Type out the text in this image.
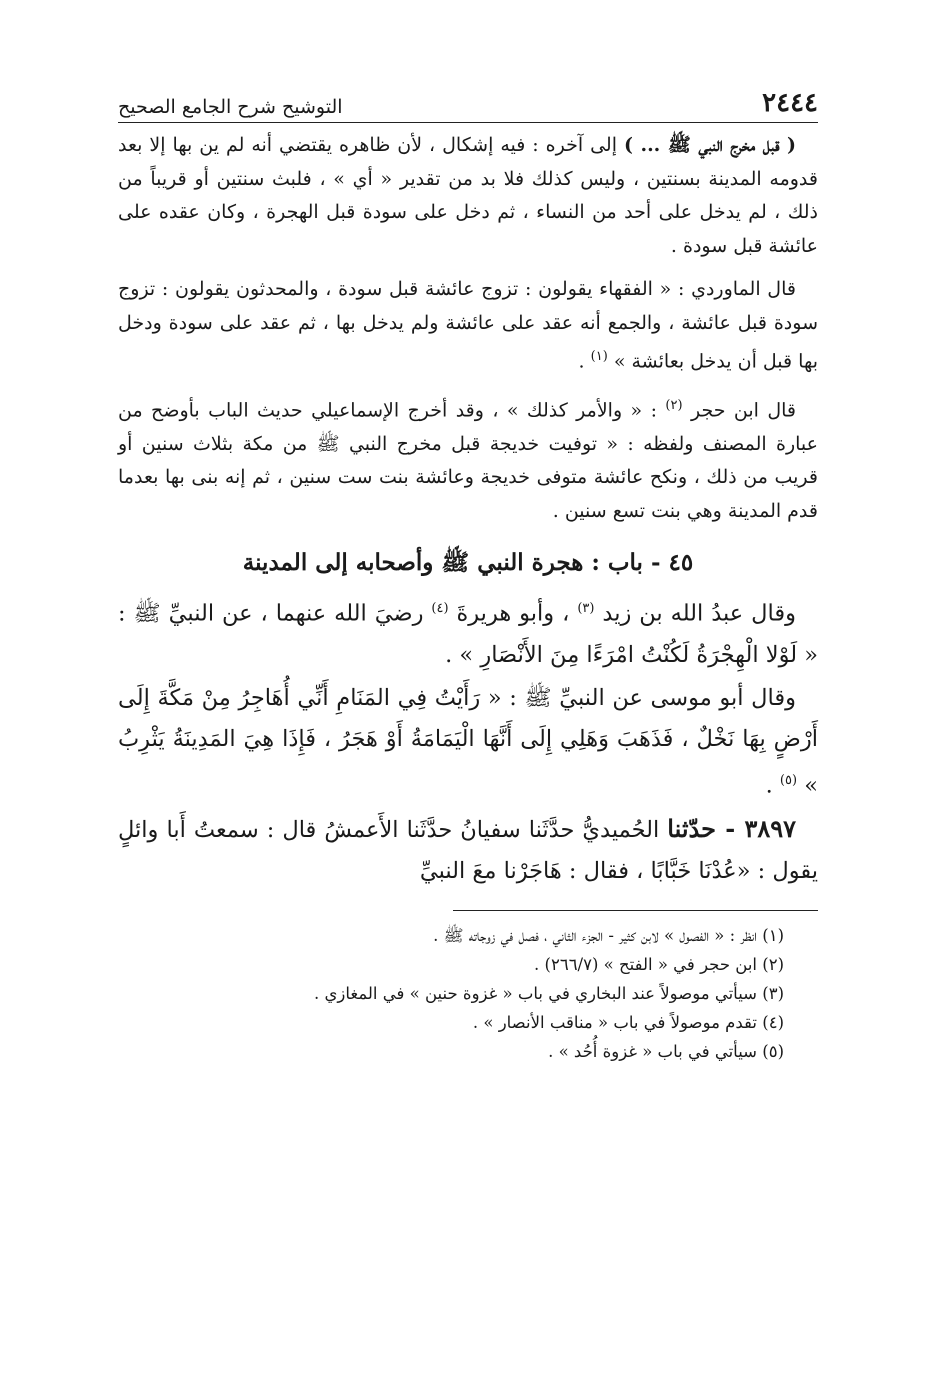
٢٤٤٤
التوشيح شرح الجامع الصحيح

( قبل مخرج النبي ﷺ ... ) إلى آخره : فيه إشكال ، لأن ظاهره يقتضي أنه لم ين بها إلا بعد قدومه المدينة بسنتين ، وليس كذلك فلا بد من تقدير « أي » ، فلبث سنتين أو قريباً من ذلك ، لم يدخل على أحد من النساء ، ثم دخل على سودة قبل الهجرة ، وكان عقده على عائشة قبل سودة .

قال الماوردي : « الفقهاء يقولون : تزوج عائشة قبل سودة ، والمحدثون يقولون : تزوج سودة قبل عائشة ، والجمع أنه عقد على عائشة ولم يدخل بها ، ثم عقد على سودة ودخل بها قبل أن يدخل بعائشة » $^{(١)}$ .

قال ابن حجر $^{(٢)}$ : « والأمر كذلك » ، وقد أخرج الإسماعيلي حديث الباب بأوضح من عبارة المصنف ولفظه : « توفيت خديجة قبل مخرج النبي ﷺ من مكة بثلاث سنين أو قريب من ذلك ، ونكح عائشة متوفى خديجة وعائشة بنت ست سنين ، ثم إنه بنى بها بعدما قدم المدينة وهي بنت تسع سنين .

٤٥ - باب : هجرة النبي ﷺ وأصحابه إلى المدينة

وقال عبدُ الله بن زيد $^{(٣)}$ ، وأبو هريرةَ $^{(٤)}$ رضيَ الله عنهما ، عن النبيِّ ﷺ : « لَوْلا الْهِجْرَةُ لَكُنْتُ امْرَءًا مِنَ الأَنْصَارِ » .

وقال أبو موسى عن النبيِّ ﷺ : « رَأَيْتُ فِي المَنَامِ أَنِّي أُهَاجِرُ مِنْ مَكَّةَ إِلَى أَرْضٍ بِهَا نَخْلٌ ، فَذَهَبَ وَهَلِي إِلَى أَنَّهَا الْيَمَامَةُ أَوْ هَجَرُ ، فَإِذَا هِيَ المَدِينَةُ يَثْرِبُ » $^{(٥)}$ .

٣٨٩٧ - حدّثنا الحُميديُّ حدَّثَنا سفيانُ حدَّثَنا الأَعمشُ قال : سمعتُ أَبا وائلٍ يقول : «عُدْنَا خَبَّابًا ، فقال : هَاجَرْنا معَ النبيِّ

(١) انظر : « الفصول » لابن كثير - الجزء الثاني ، فصل في زوجاته ﷺ .

(٢) ابن حجر في « الفتح » (٢٦٦/٧) .

(٣) سيأتي موصولاً عند البخاري في باب « غزوة حنين » في المغازي .

(٤) تقدم موصولاً في باب « مناقب الأنصار » .

(٥) سيأتي في باب « غزوة أُحُد » .
